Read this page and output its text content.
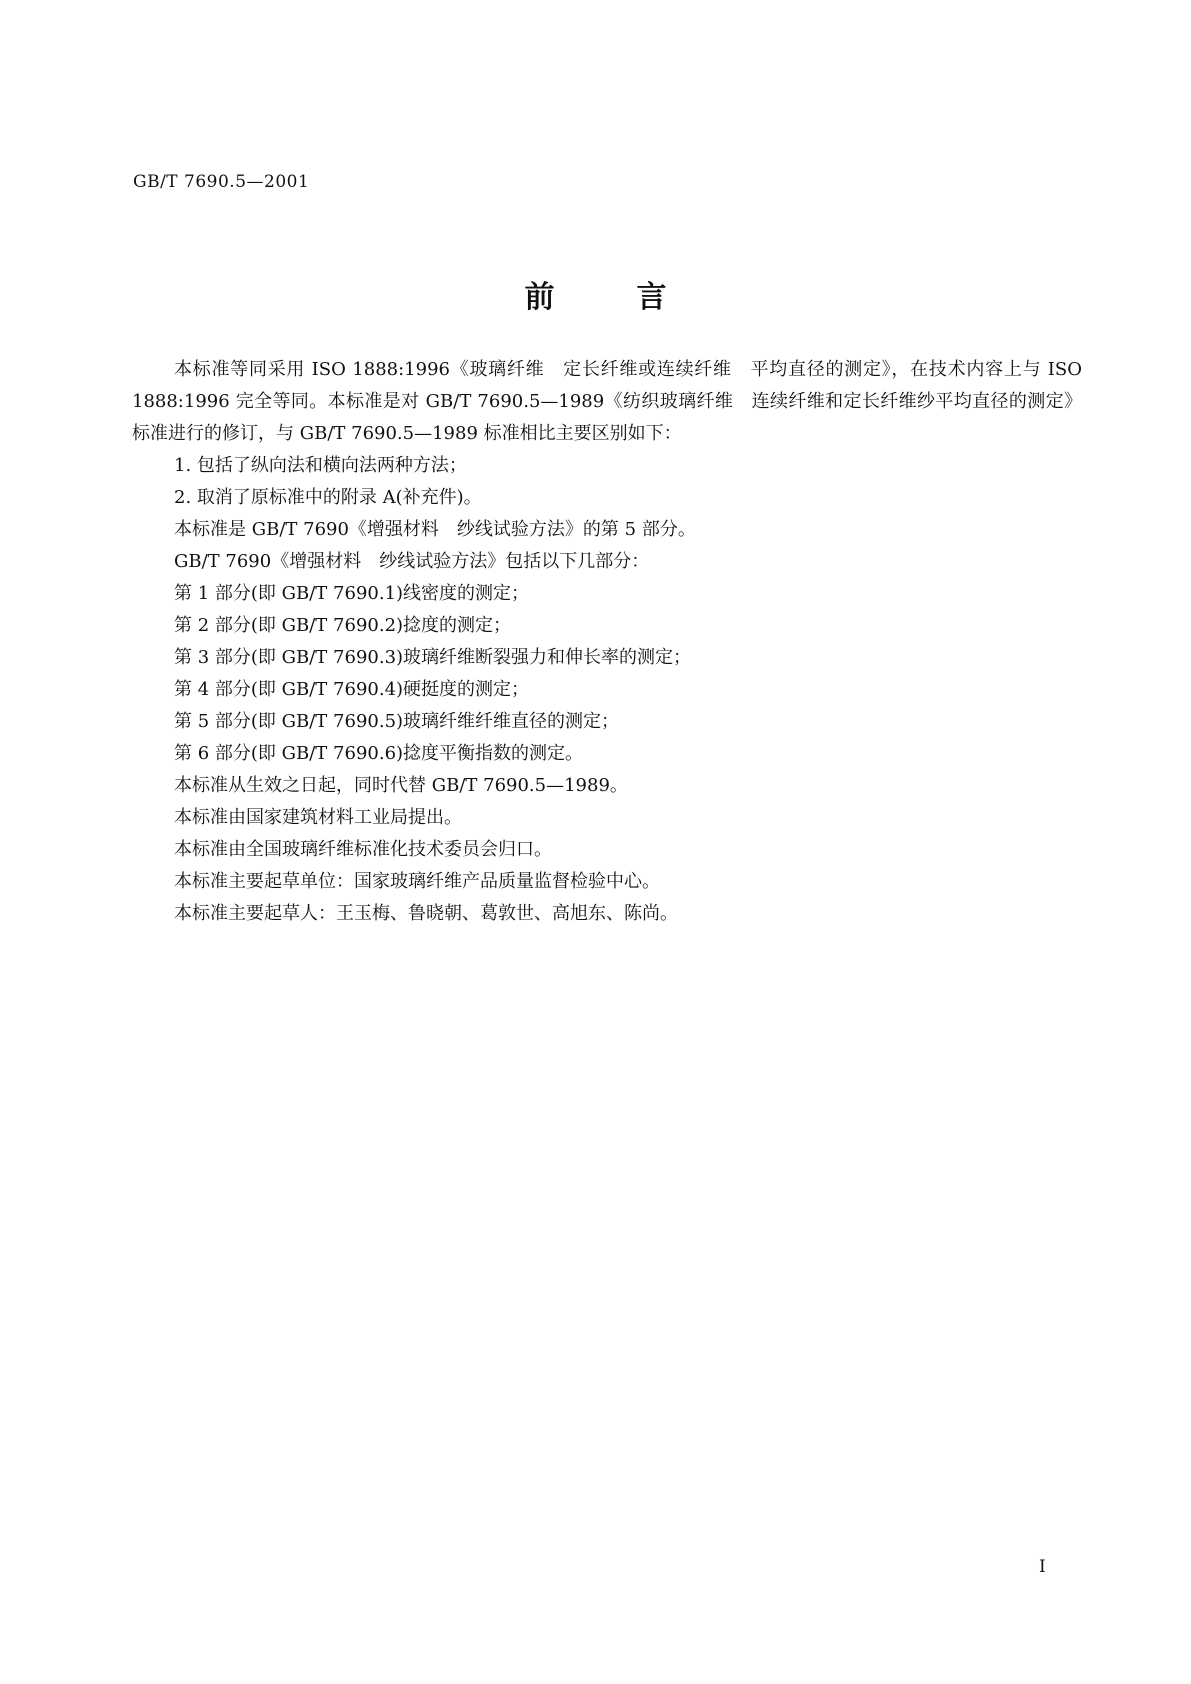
GB/T 7690.5—2001
前言

本标准等同采用 ISO 1888:1996《玻璃纤维　定长纤维或连续纤维　平均直径的测定》，在技术内容上与 ISO 1888:1996 完全等同。本标准是对 GB/T 7690.5—1989《纺织玻璃纤维　连续纤维和定长纤维纱平均直径的测定》标准进行的修订，与 GB/T 7690.5—1989 标准相比主要区别如下：

1. 包括了纵向法和横向法两种方法；

2. 取消了原标准中的附录 A(补充件)。

本标准是 GB/T 7690《增强材料　纱线试验方法》的第 5 部分。

GB/T 7690《增强材料　纱线试验方法》包括以下几部分：

第 1 部分(即 GB/T 7690.1)线密度的测定；

第 2 部分(即 GB/T 7690.2)捻度的测定；

第 3 部分(即 GB/T 7690.3)玻璃纤维断裂强力和伸长率的测定；

第 4 部分(即 GB/T 7690.4)硬挺度的测定；

第 5 部分(即 GB/T 7690.5)玻璃纤维纤维直径的测定；

第 6 部分(即 GB/T 7690.6)捻度平衡指数的测定。

本标准从生效之日起，同时代替 GB/T 7690.5—1989。

本标准由国家建筑材料工业局提出。

本标准由全国玻璃纤维标准化技术委员会归口。

本标准主要起草单位：国家玻璃纤维产品质量监督检验中心。

本标准主要起草人：王玉梅、鲁晓朝、葛敦世、高旭东、陈尚。

I
